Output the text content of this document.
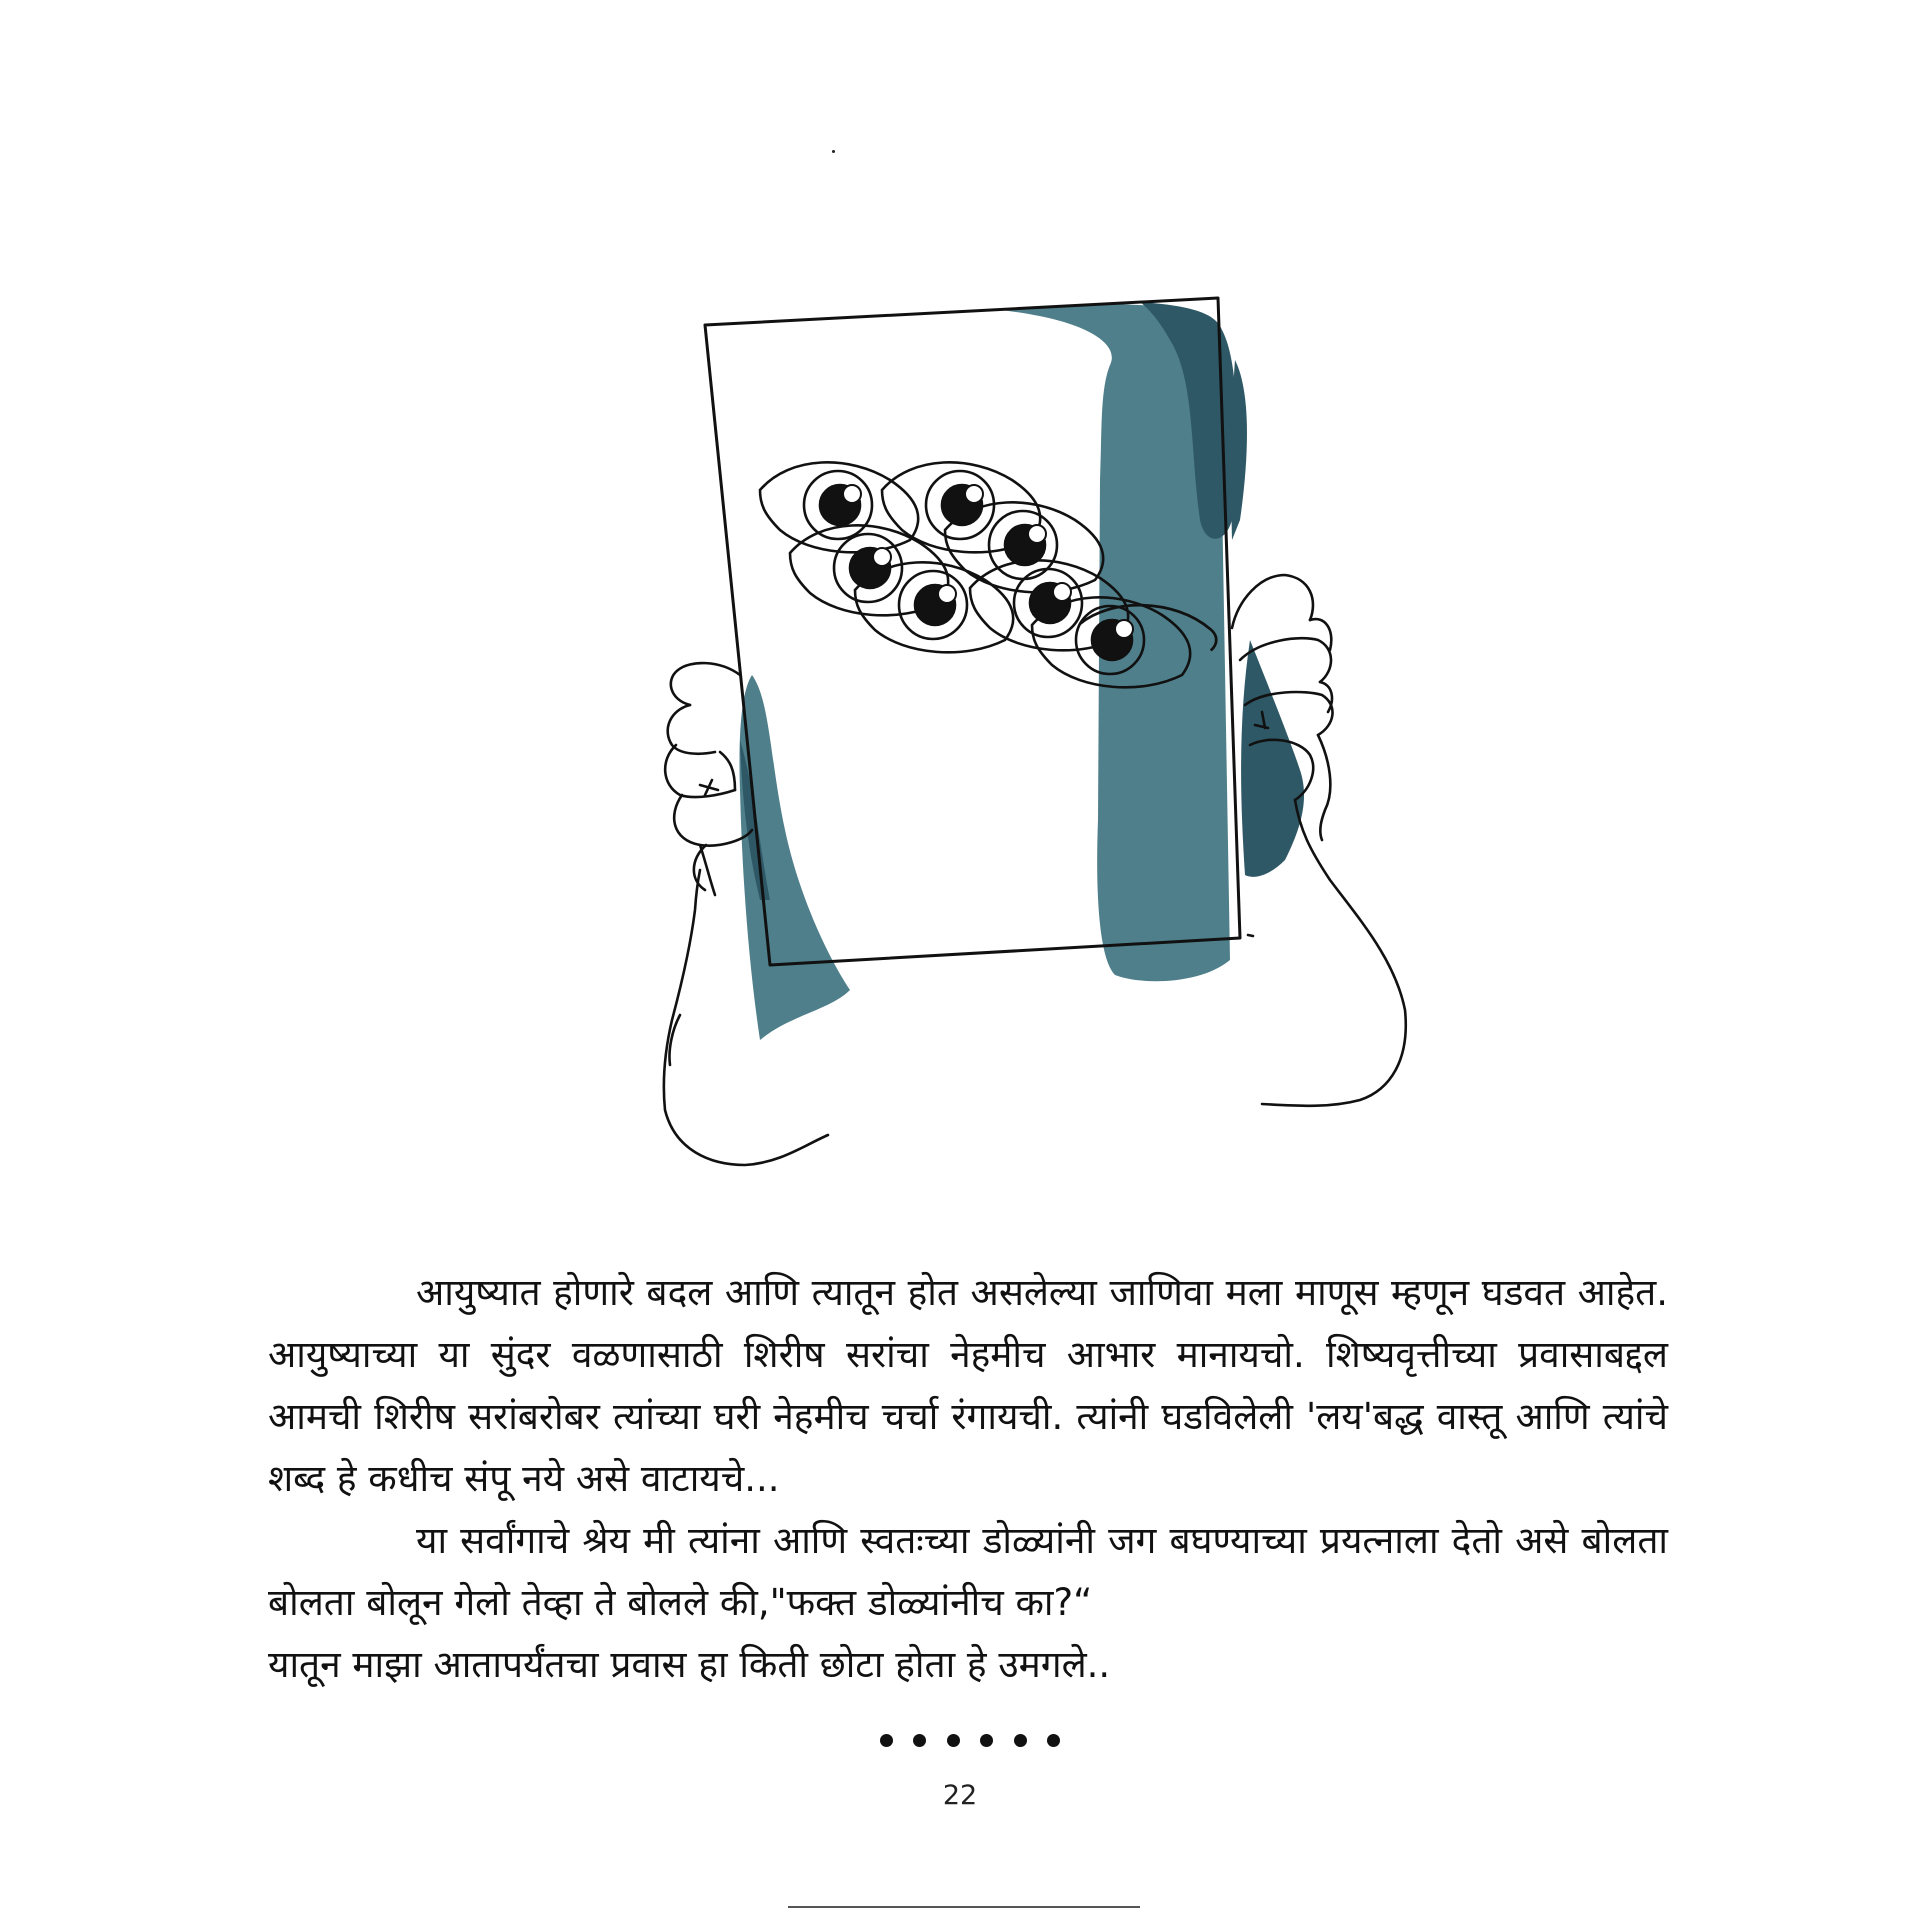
आयुष्यात होणारे बदल आणि त्यातून होत असलेल्या जाणिवा मला माणूस म्हणून घडवत आहेत. आयुष्याच्या या सुंदर वळणासाठी शिरीष सरांचा नेहमीच आभार मानायचो. शिष्यवृत्तीच्या प्रवासाबद्दल आमची शिरीष सरांबरोबर त्यांच्या घरी नेहमीच चर्चा रंगायची. त्यांनी घडविलेली 'लय'बद्ध वास्तू आणि त्यांचे शब्द हे कधीच संपू नये असे वाटायचे...

या सर्वांगाचे श्रेय मी त्यांना आणि स्वतःच्या डोळ्यांनी जग बघण्याच्या प्रयत्नाला देतो असे बोलता बोलता बोलून गेलो तेव्हा ते बोलले की,"फक्त डोळ्यांनीच का?“

यातून माझा आतापर्यंतचा प्रवास हा किती छोटा होता हे उमगले..

22
